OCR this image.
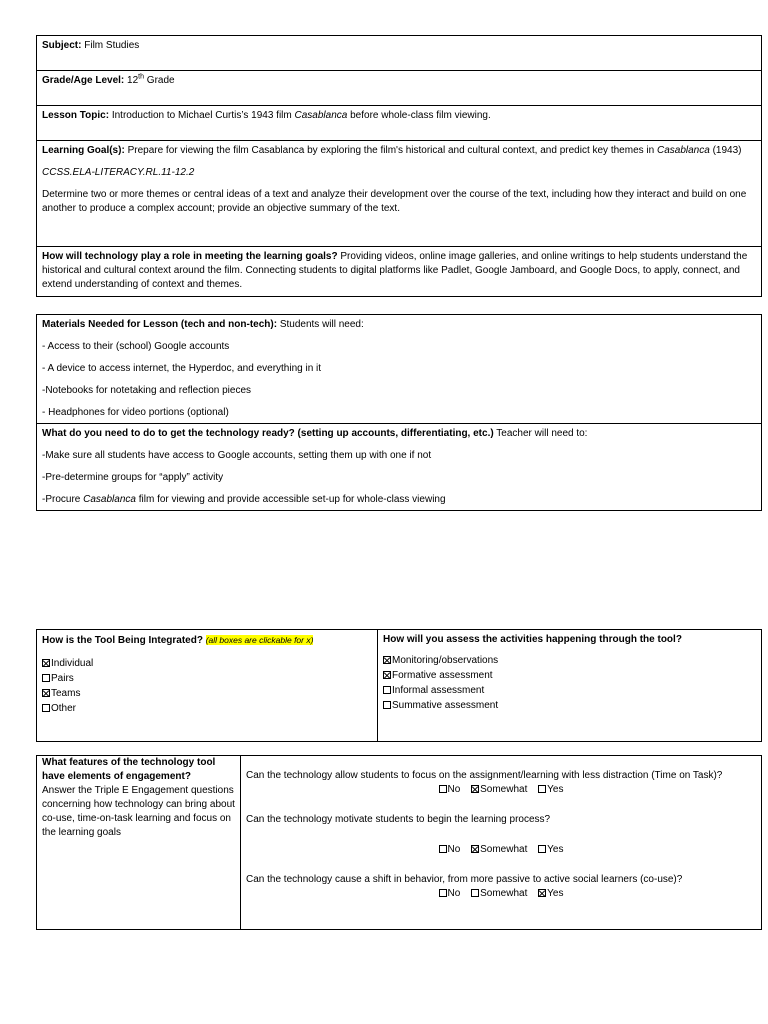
Subject: Film Studies
Grade/Age Level: 12th Grade
Lesson Topic: Introduction to Michael Curtis’s 1943 film Casablanca before whole-class film viewing.

Learning Goal(s): Prepare for viewing the film Casablanca by exploring the film's historical and cultural context, and predict key themes in Casablanca (1943)

CCSS.ELA-LITERACY.RL.11-12.2

Determine two or more themes or central ideas of a text and analyze their development over the course of the text, including how they interact and build on one another to produce a complex account; provide an objective summary of the text.

How will technology play a role in meeting the learning goals? Providing videos, online image galleries, and online writings to help students understand the historical and cultural context around the film. Connecting students to digital platforms like Padlet, Google Jamboard, and Google Docs, to apply, connect, and extend understanding of context and themes.

Materials Needed for Lesson (tech and non-tech): Students will need:

- Access to their (school) Google accounts

- A device to access internet, the Hyperdoc, and everything in it

-Notebooks for notetaking and reflection pieces

- Headphones for video portions (optional)

What do you need to do to get the technology ready? (setting up accounts, differentiating, etc.) Teacher will need to:

-Make sure all students have access to Google accounts, setting them up with one if not

-Pre-determine groups for “apply” activity

-Procure Casablanca film for viewing and provide accessible set-up for whole-class viewing

How is the Tool Being Integrated? (all boxes are clickable for x)

Individual
Pairs
Teams
Other

How will you assess the activities happening through the tool?

Monitoring/observations
Formative assessment
Informal assessment
Summative assessment
What features of the technology tool have elements of engagement?
Answer the Triple E Engagement questions concerning how technology can bring about co-use, time-on-task learning and focus on the learning goals	

Can the technology allow students to focus on the assignment/learning with less distraction (Time on Task)?

No Somewhat Yes

Can the technology motivate students to begin the learning process?

No Somewhat Yes

Can the technology cause a shift in behavior, from more passive to active social learners (co-use)?

No Somewhat Yes
